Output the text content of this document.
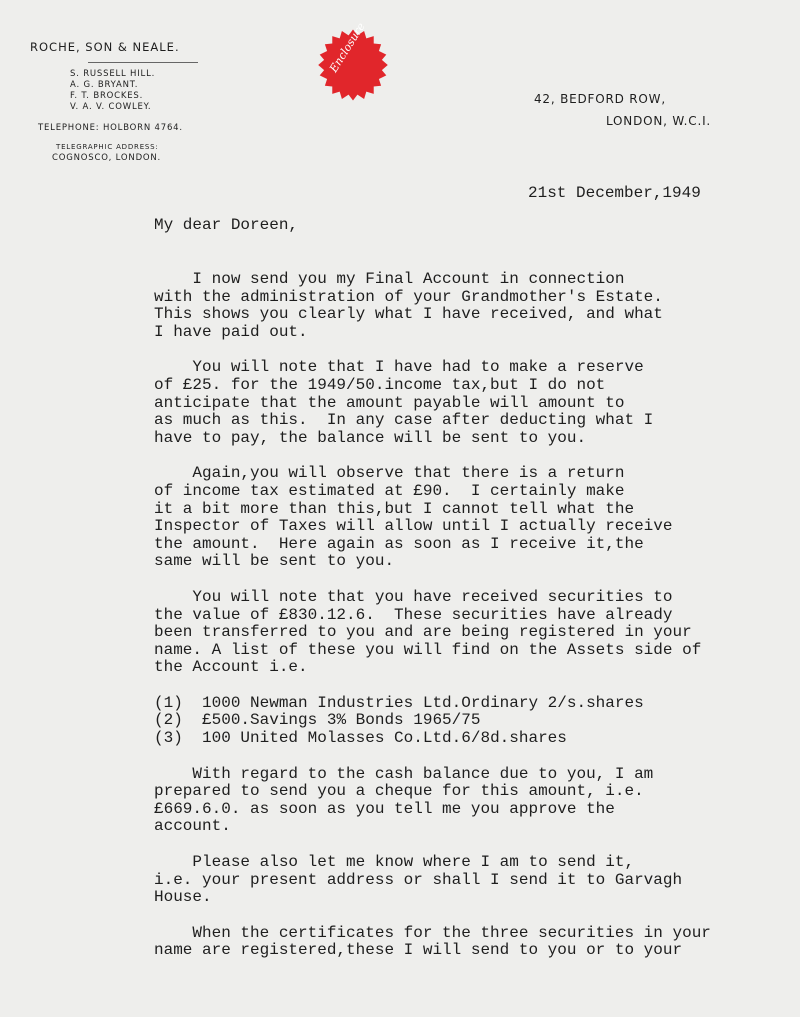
ROCHE, SON & NEALE.
S. RUSSELL HILL.
A. G. BRYANT.
F. T. BROCKES.
V. A. V. COWLEY.
TELEPHONE: HOLBORN 4764.
TELEGRAPHIC ADDRESS:
COGNOSCO, LONDON.
Enclosure
42, BEDFORD ROW,
LONDON, W.C.I.
21st December,1949
My dear Doreen,
I now send you my Final Account in connection
with the administration of your Grandmother's Estate.
This shows you clearly what I have received, and what
I have paid out.
You will note that I have had to make a reserve
of £25. for the 1949/50.income tax,but I do not
anticipate that the amount payable will amount to
as much as this.  In any case after deducting what I
have to pay, the balance will be sent to you.
Again,you will observe that there is a return
of income tax estimated at £90.  I certainly make
it a bit more than this,but I cannot tell what the
Inspector of Taxes will allow until I actually receive
the amount.  Here again as soon as I receive it,the
same will be sent to you.
You will note that you have received securities to
the value of £830.12.6.  These securities have already
been transferred to you and are being registered in your
name. A list of these you will find on the Assets side of
the Account i.e.
(1) 1000 Newman Industries Ltd.Ordinary 2/s.shares
(2) £500.Savings 3% Bonds 1965/75
(3) 100 United Molasses Co.Ltd.6/8d.shares
With regard to the cash balance due to you, I am
prepared to send you a cheque for this amount, i.e.
£669.6.0. as soon as you tell me you approve the
account.
Please also let me know where I am to send it,
i.e. your present address or shall I send it to Garvagh
House.
When the certificates for the three securities in your
name are registered,these I will send to you or to your
